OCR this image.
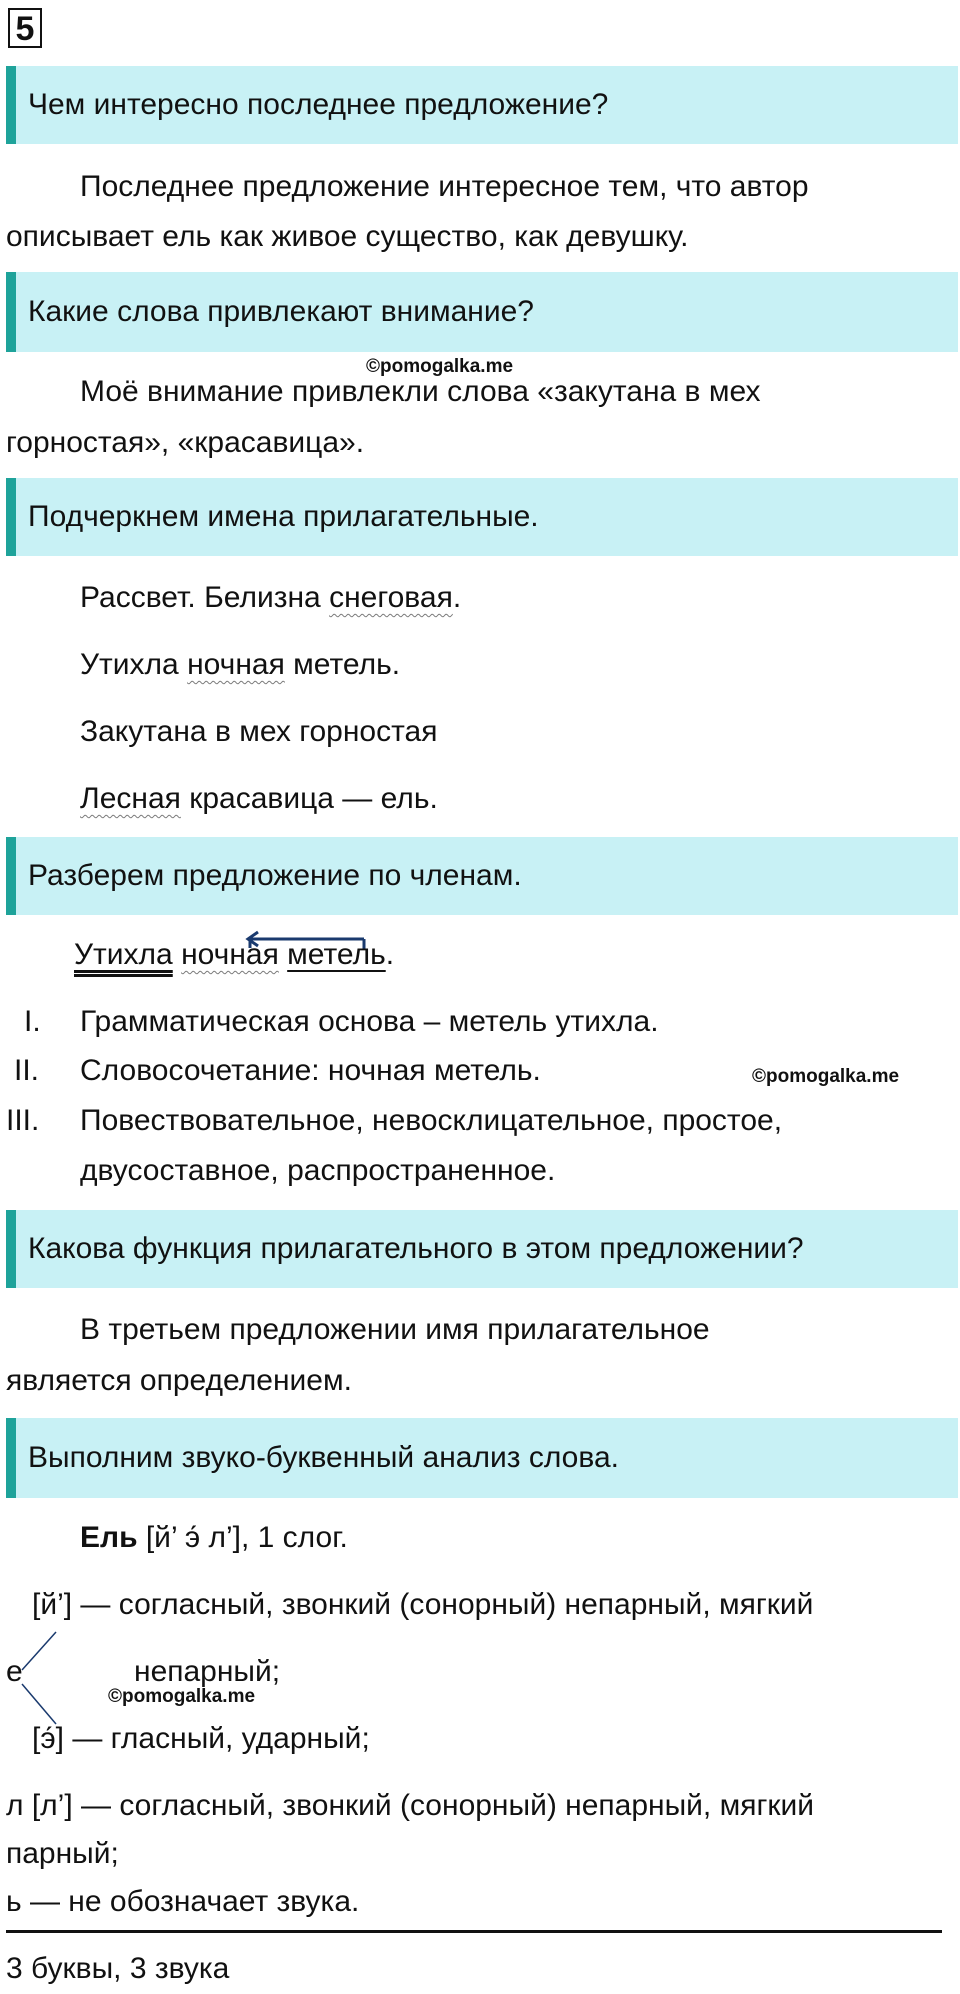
5
Чем интересно последнее предложение?
Последнее предложение интересное тем, что автор
описывает ель как живое существо, как девушку.
Какие слова привлекают внимание?
©pomogalka.me
Моё внимание привлекли слова «закутана в мех
горностая», «красавица».
Подчеркнем имена прилагательные.
Рассвет. Белизна снеговая.
Утихла ночная метель.
Закутана в мех горностая
Лесная красавица — ель.
Разберем предложение по членам.
Утихла ночная метель.
I. Грамматическая основа – метель утихла.
II. Словосочетание: ночная метель.	©pomogalka.me
III. Повествовательное, невосклицательное, простое,
двусоставное, распространенное.
Какова функция прилагательного в этом предложении?
В третьем предложении имя прилагательное
является определением.
Выполним звуко-буквенный анализ слова.
Ель [й’ э́ л’], 1 слог.
[й’] — согласный, звонкий (сонорный) непарный, мягкий
е	непарный;
©pomogalka.me
[э́] — гласный, ударный;
л [л’] — согласный, звонкий (сонорный) непарный, мягкий
парный;
ь — не обозначает звука.
3 буквы, 3 звука
